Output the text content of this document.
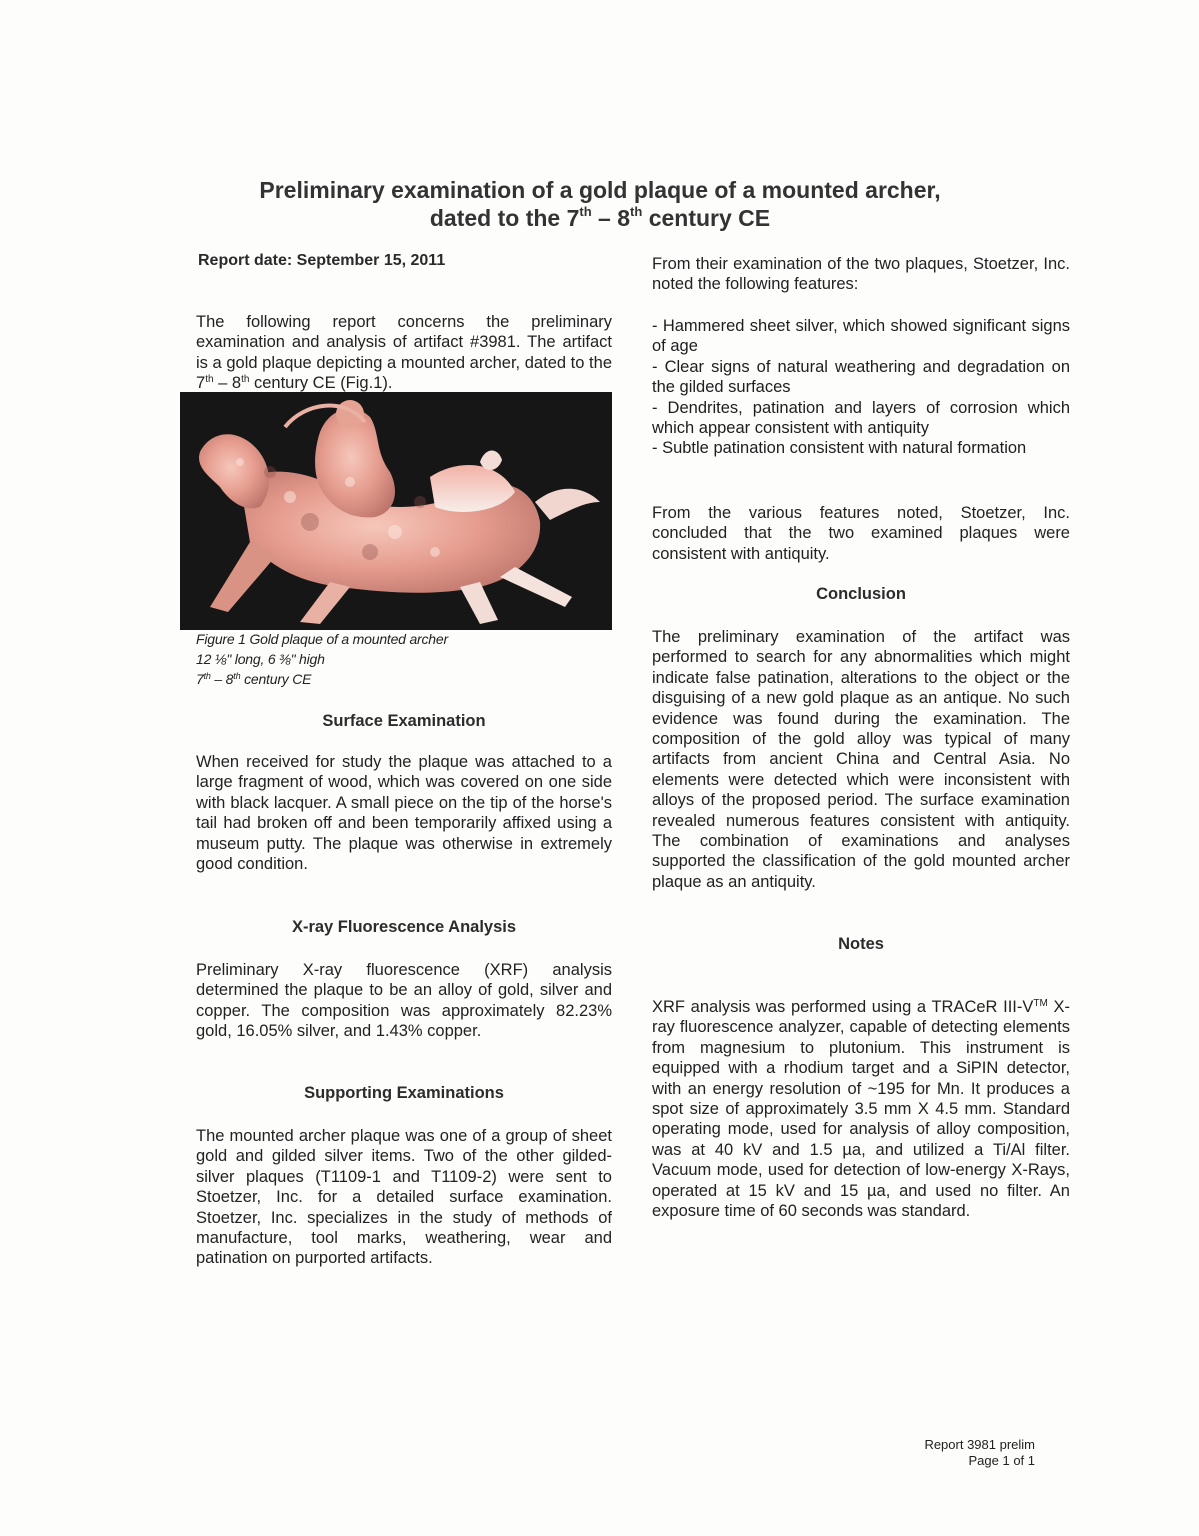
Preliminary examination of a gold plaque of a mounted archer,
dated to the 7th – 8th century CE
Report date: September 15, 2011

The following report concerns the preliminary examination and analysis of artifact #3981. The artifact is a gold plaque depicting a mounted archer, dated to the 7th – 8th century CE (Fig.1).

Figure 1 Gold plaque of a mounted archer
12 ⅛" long, 6 ⅜" high
7th – 8th century CE
Surface Examination

When received for study the plaque was attached to a large fragment of wood, which was covered on one side with black lacquer. A small piece on the tip of the horse's tail had broken off and been temporarily affixed using a museum putty. The plaque was otherwise in extremely good condition.

X-ray Fluorescence Analysis

Preliminary X-ray fluorescence (XRF) analysis determined the plaque to be an alloy of gold, silver and copper. The composition was approximately 82.23% gold, 16.05% silver, and 1.43% copper.

Supporting Examinations

The mounted archer plaque was one of a group of sheet gold and gilded silver items. Two of the other gilded-silver plaques (T1109-1 and T1109-2) were sent to Stoetzer, Inc. for a detailed surface examination. Stoetzer, Inc. specializes in the study of methods of manufacture, tool marks, weathering, wear and patination on purported artifacts.

From their examination of the two plaques, Stoetzer, Inc. noted the following features:

- Hammered sheet silver, which showed significant signs of age

- Clear signs of natural weathering and degradation on the gilded surfaces

- Dendrites, patination and layers of corrosion which which appear consistent with antiquity

- Subtle patination consistent with natural formation

From the various features noted, Stoetzer, Inc. concluded that the two examined plaques were consistent with antiquity.

Conclusion

The preliminary examination of the artifact was performed to search for any abnormalities which might indicate false patination, alterations to the object or the disguising of a new gold plaque as an antique. No such evidence was found during the examination. The composition of the gold alloy was typical of many artifacts from ancient China and Central Asia. No elements were detected which were inconsistent with alloys of the proposed period. The surface examination revealed numerous features consistent with antiquity. The combination of examinations and analyses supported the classification of the gold mounted archer plaque as an antiquity.

Notes

XRF analysis was performed using a TRACeR III-V™ X-ray fluorescence analyzer, capable of detecting elements from magnesium to plutonium. This instrument is equipped with a rhodium target and a SiPIN detector, with an energy resolution of ~195 for Mn. It produces a spot size of approximately 3.5 mm X 4.5 mm. Standard operating mode, used for analysis of alloy composition, was at 40 kV and 1.5 µa, and utilized a Ti/Al filter. Vacuum mode, used for detection of low-energy X-Rays, operated at 15 kV and 15 µa, and used no filter. An exposure time of 60 seconds was standard.

Report 3981 prelim
Page 1 of 1
